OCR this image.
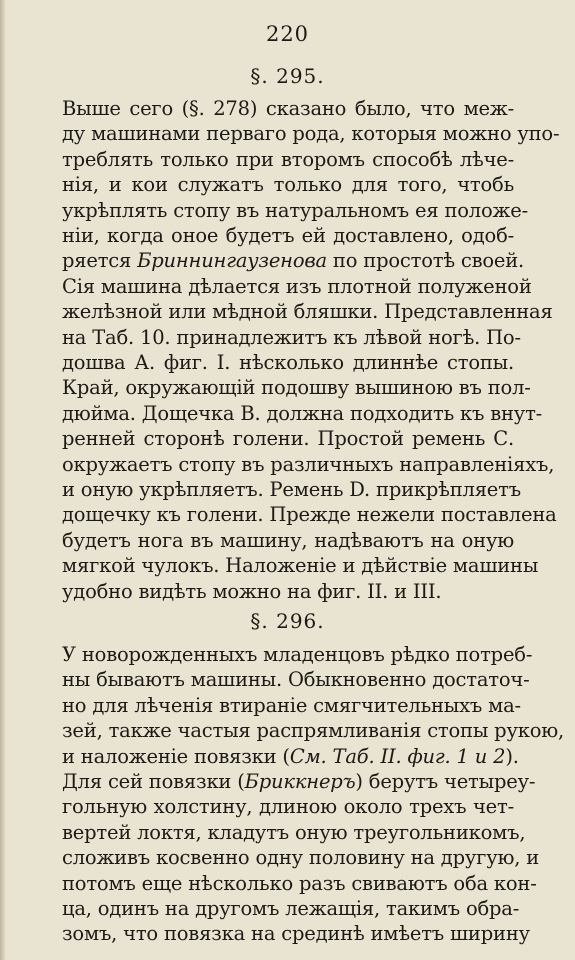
220
§. 295.
Выше сего (§. 278) сказано было, что меж-
ду машинами перваго рода, которыя можно упо-
треблять только при второмъ способѣ лѣче-
нія, и кои служатъ только для того, чтобь
укрѣплять стопу въ натуральномъ ея положе-
ніи, когда оное будетъ ей доставлено, одоб-
ряется Бриннингаузенова по простотѣ своей.
Сія машина дѣлается изъ плотной полуженой
желѣзной или мѣдной бляшки. Представленная
на Таб. 10. принадлежитъ къ лѣвой ногѣ. По-
дошва А. фиг. I. нѣсколько длиннѣе стопы.
Край, окружающій подошву вышиною въ пол-
дюйма. Дощечка В. должна подходить къ внут-
ренней сторонѣ голени. Простой ремень С.
окружаетъ стопу въ различныхъ направленіяхъ,
и оную укрѣпляетъ. Ремень D. прикрѣпляетъ
дощечку къ голени. Прежде нежели поставлена
будетъ нога въ машину, надѣваютъ на оную
мягкой чулокъ. Наложеніе и дѣйствіе машины
удобно видѣть можно на фиг. II. и III.
§. 296.
У новорожденныхъ младенцовъ рѣдко потреб-
ны бываютъ машины. Обыкновенно достаточ-
но для лѣченія втираніе смягчительныхъ ма-
зей, также частыя распрямливанія стопы рукою,
и наложеніе повязки (См. Таб. II. фиг. 1 и 2).
Для сей повязки (Бриккнеръ) берутъ четыреу-
гольную холстину, длиною около трехъ чет-
вертей локтя, кладутъ оную треугольникомъ,
сложивъ косвенно одну половину на другую, и
потомъ еще нѣсколько разъ свиваютъ оба кон-
ца, одинъ на другомъ лежащія, такимъ обра-
зомъ, что повязка на срединѣ имѣетъ ширину
